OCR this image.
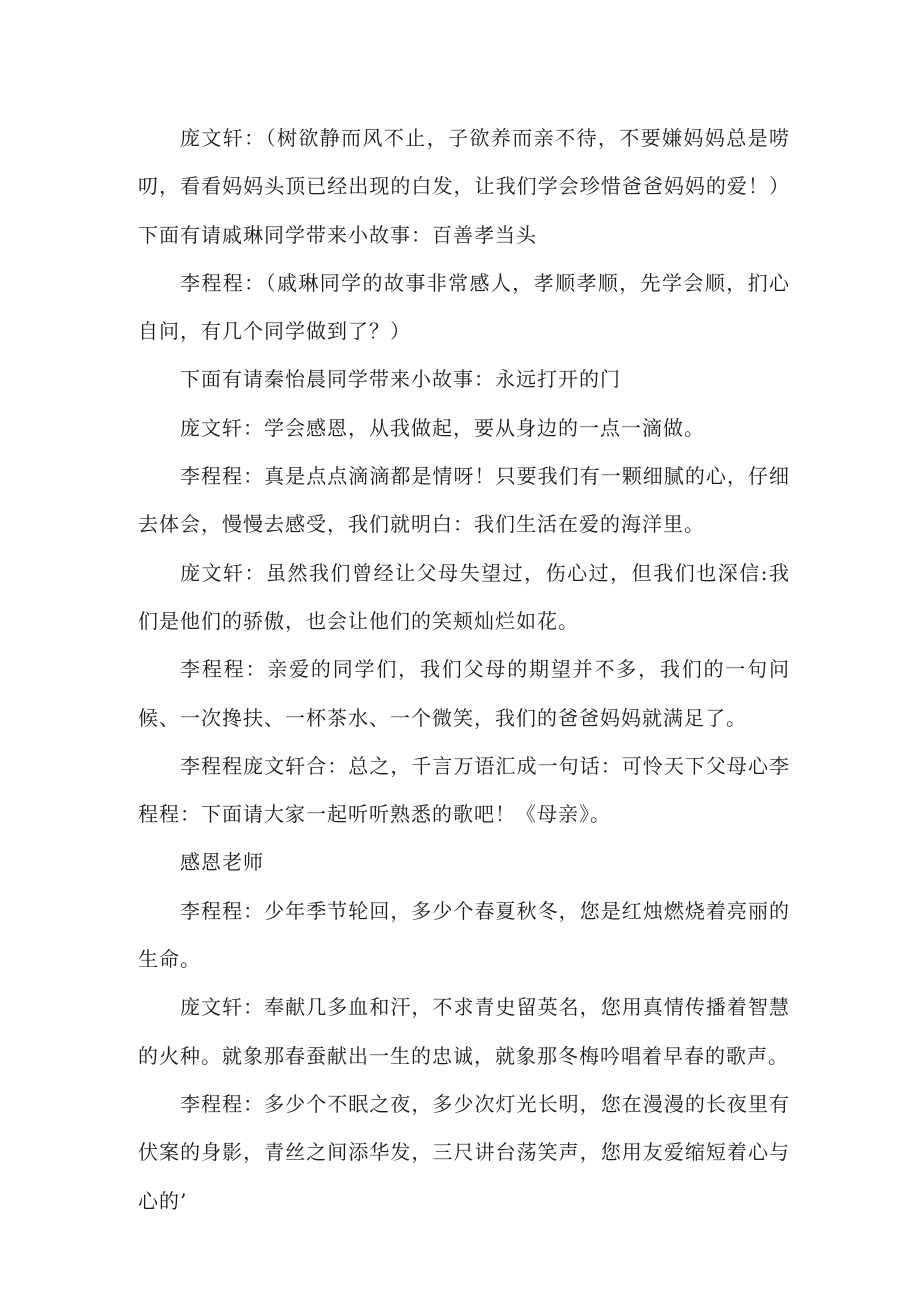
庞文轩：（树欲静而风不止，子欲养而亲不待，不要嫌妈妈总是唠叨，看看妈妈头顶已经出现的白发，让我们学会珍惜爸爸妈妈的爱！）下面有请戚琳同学带来小故事：百善孝当头

李程程：（戚琳同学的故事非常感人，孝顺孝顺，先学会顺，扪心自问，有几个同学做到了？）

下面有请秦怡晨同学带来小故事：永远打开的门

庞文轩：学会感恩，从我做起，要从身边的一点一滴做。

李程程：真是点点滴滴都是情呀！只要我们有一颗细腻的心，仔细去体会，慢慢去感受，我们就明白：我们生活在爱的海洋里。

庞文轩：虽然我们曾经让父母失望过，伤心过，但我们也深信:我们是他们的骄傲，也会让他们的笑颊灿烂如花。

李程程：亲爱的同学们，我们父母的期望并不多，我们的一句问候、一次搀扶、一杯茶水、一个微笑，我们的爸爸妈妈就满足了。

李程程庞文轩合：总之，千言万语汇成一句话：可怜天下父母心李程程：下面请大家一起听听熟悉的歌吧！《母亲》。

感恩老师

李程程：少年季节轮回，多少个春夏秋冬，您是红烛燃烧着亮丽的生命。

庞文轩：奉献几多血和汗，不求青史留英名，您用真情传播着智慧的火种。就象那春蚕献出一生的忠诚，就象那冬梅吟唱着早春的歌声。

李程程：多少个不眠之夜，多少次灯光长明，您在漫漫的长夜里有伏案的身影，青丝之间添华发，三尺讲台荡笑声，您用友爱缩短着心与心的’
